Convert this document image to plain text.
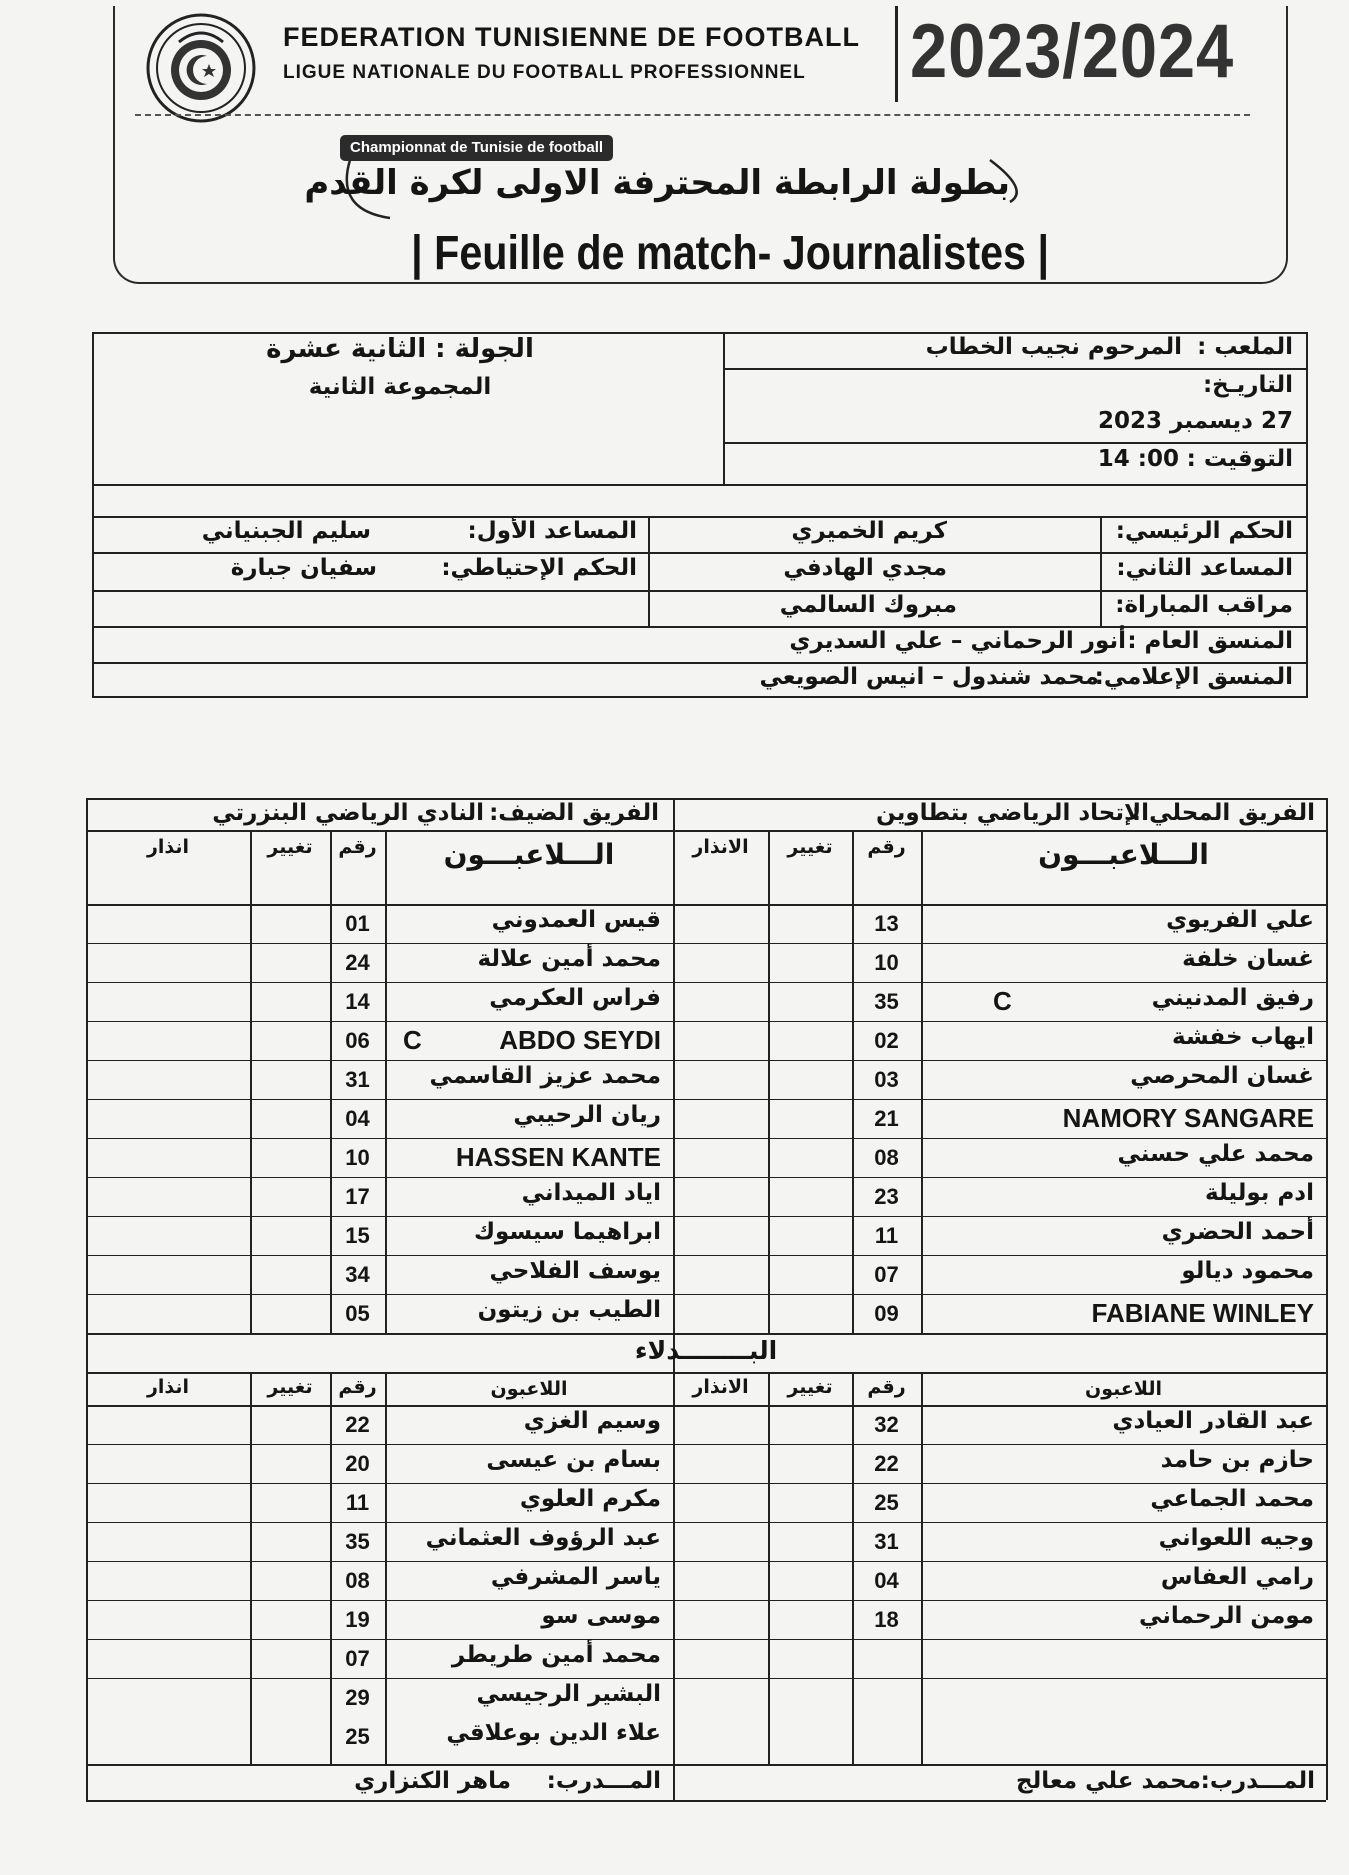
FEDERATION TUNISIENNE DE FOOTBALL
LIGUE NATIONALE DU FOOTBALL PROFESSIONNEL 2023/2024
Championnat de Tunisie de football
بطولة الرابطة المحترفة الاولى لكرة القدم
| Feuille de match- Journalistes |
الجولة : الثانية عشرة
المجموعة الثانية
الملعب :
المرحوم نجيب الخطاب
التاريـخ:
27 ديسمبر 2023
التوقيت :
14 :00
الحكم الرئيسي:
كريم الخميري
المساعد الأول:
سليم الجبنياني
المساعد الثاني:
مجدي الهادفي
الحكم الإحتياطي:
سفيان جبارة
مراقب المباراة:
مبروك السالمي
المنسق العام :
أنور الرحماني – علي السديري
المنسق الإعلامي:
محمد شندول – انيس الصويعي
الفريق المحلي :
الإتحاد الرياضي بتطاوين
الفريق الضيف:
النادي الرياضي البنزرتي
الـــلاعبـــون
رقم
تغيير
الانذار
الـــلاعبـــون
رقم
تغيير
انذار
اللاعبون
رقم
تغيير
الانذار
اللاعبون
رقم
تغيير
انذار
البــــــــدلاء
علي الفريوي
13
غسان خلفة
10
رفيق المدنيني
35	C
ايهاب خفشة
02
غسان المحرصي
03
NAMORY SANGARE
21
محمد علي حسني
08
ادم بوليلة
23
أحمد الحضري
11
محمود ديالو
07
FABIANE WINLEY
09
قيس العمدوني
01
محمد أمين علالة
24
فراس العكرمي
14
ABDO SEYDI
06	C
محمد عزيز القاسمي
31
ريان الرحيبي
04
HASSEN KANTE
10
اياد الميداني
17
ابراهيما سيسوك
15
يوسف الفلاحي
34
الطيب بن زيتون
05
عبد القادر العيادي
32
حازم بن حامد
22
محمد الجماعي
25
وجيه اللعواني
31
رامي العفاس
04
مومن الرحماني
18
وسيم الغزي
22
بسام بن عيسى
20
مكرم العلوي
11
عبد الرؤوف العثماني
35
ياسر المشرفي
08
موسى سو
19
محمد أمين طريطر
07
البشير الرجيسي
29
علاء الدين بوعلاقي
25
المـــدرب:
محمد علي معالج
المـــدرب:
ماهر الكنزاري
